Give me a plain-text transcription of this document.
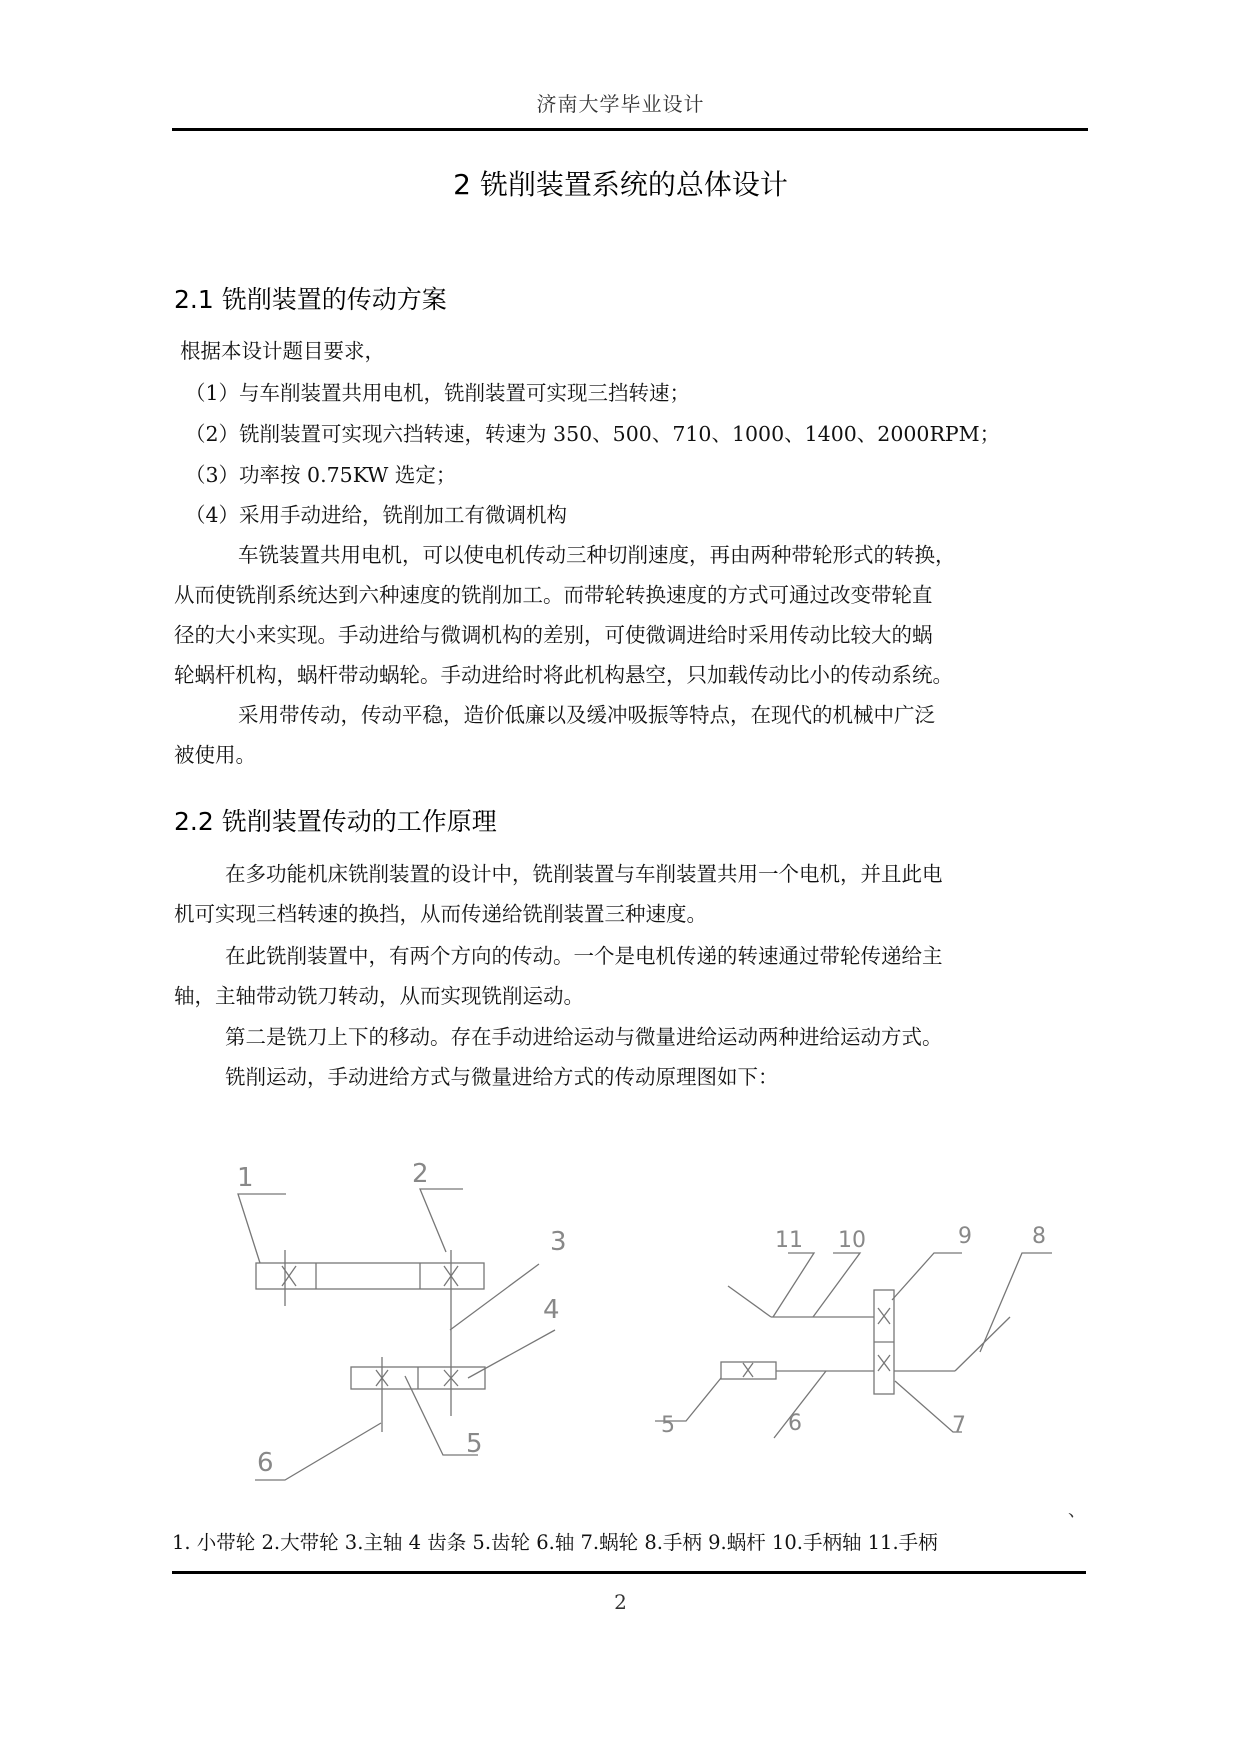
济南大学毕业设计
2 铣削装置系统的总体设计
2.1 铣削装置的传动方案
根据本设计题目要求，
（1）与车削装置共用电机，铣削装置可实现三挡转速；
（2）铣削装置可实现六挡转速，转速为 350、500、710、1000、1400、2000RPM；
（3）功率按 0.75KW 选定；
（4）采用手动进给，铣削加工有微调机构
车铣装置共用电机，可以使电机传动三种切削速度，再由两种带轮形式的转换，
从而使铣削系统达到六种速度的铣削加工。而带轮转换速度的方式可通过改变带轮直
径的大小来实现。手动进给与微调机构的差别，可使微调进给时采用传动比较大的蜗
轮蜗杆机构，蜗杆带动蜗轮。手动进给时将此机构悬空，只加载传动比小的传动系统。
采用带传动，传动平稳，造价低廉以及缓冲吸振等特点，在现代的机械中广泛
被使用。
2.2 铣削装置传动的工作原理
在多功能机床铣削装置的设计中，铣削装置与车削装置共用一个电机，并且此电
机可实现三档转速的换挡，从而传递给铣削装置三种速度。
在此铣削装置中，有两个方向的传动。一个是电机传递的转速通过带轮传递给主
轴，主轴带动铣刀转动，从而实现铣削运动。
第二是铣刀上下的移动。存在手动进给运动与微量进给运动两种进给运动方式。
铣削运动，手动进给方式与微量进给方式的传动原理图如下：
1	2
3
4
5
6
11 10	9	8
5	6	7
、
1. 小带轮 2.大带轮 3.主轴 4 齿条 5.齿轮 6.轴 7.蜗轮 8.手柄 9.蜗杆 10.手柄轴 11.手柄
2
